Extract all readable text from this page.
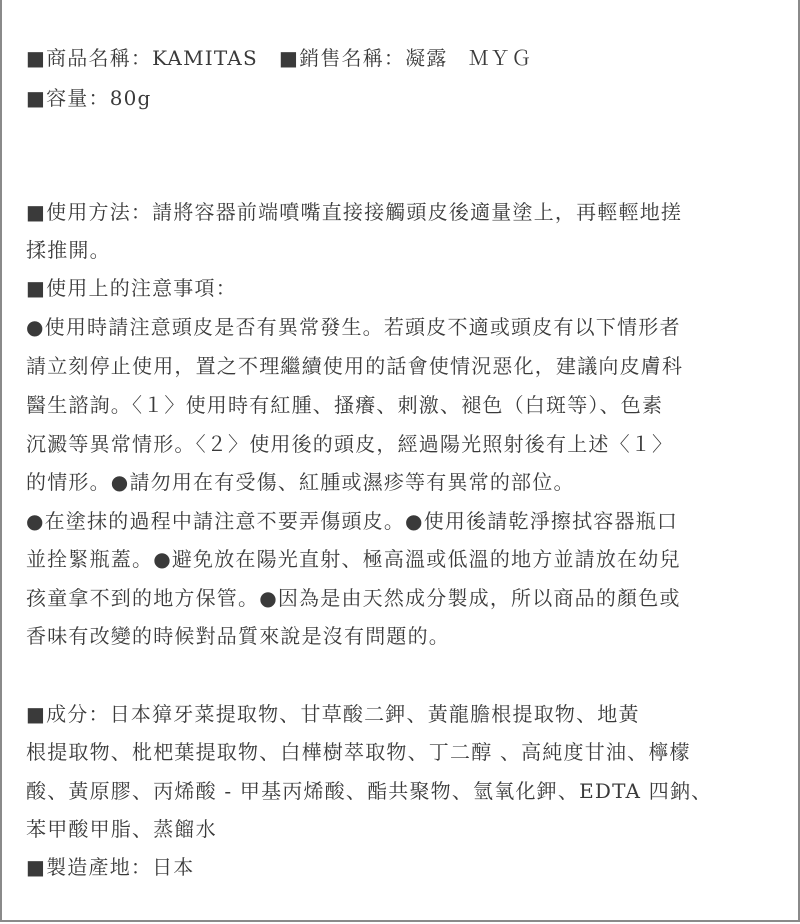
■商品名稱：KAMITAS　■銷售名稱：凝露　ＭＹＧ
■容量：80g
■使用方法：請將容器前端噴嘴直接接觸頭皮後適量塗上，再輕輕地搓
揉推開。
■使用上的注意事項：
●使用時請注意頭皮是否有異常發生。若頭皮不適或頭皮有以下情形者
請立刻停止使用，置之不理繼續使用的話會使情況惡化，建議向皮膚科
醫生諮詢。〈１〉使用時有紅腫、搔癢、刺激、褪色（白斑等）、色素
沉澱等異常情形。〈２〉使用後的頭皮，經過陽光照射後有上述〈１〉
的情形。●請勿用在有受傷、紅腫或濕疹等有異常的部位。
●在塗抹的過程中請注意不要弄傷頭皮。●使用後請乾淨擦拭容器瓶口
並拴緊瓶蓋。●避免放在陽光直射、極高溫或低溫的地方並請放在幼兒
孩童拿不到的地方保管。●因為是由天然成分製成，所以商品的顏色或
香味有改變的時候對品質來說是沒有問題的。
■成分：日本獐牙菜提取物、甘草酸二鉀、黃龍膽根提取物、地黃
根提取物、枇杷葉提取物、白樺樹萃取物、丁二醇 、高純度甘油、檸檬
酸、黃原膠、丙烯酸 - 甲基丙烯酸、酯共聚物、氫氧化鉀、EDTA 四鈉、
苯甲酸甲脂、蒸餾水
■製造產地：日本
